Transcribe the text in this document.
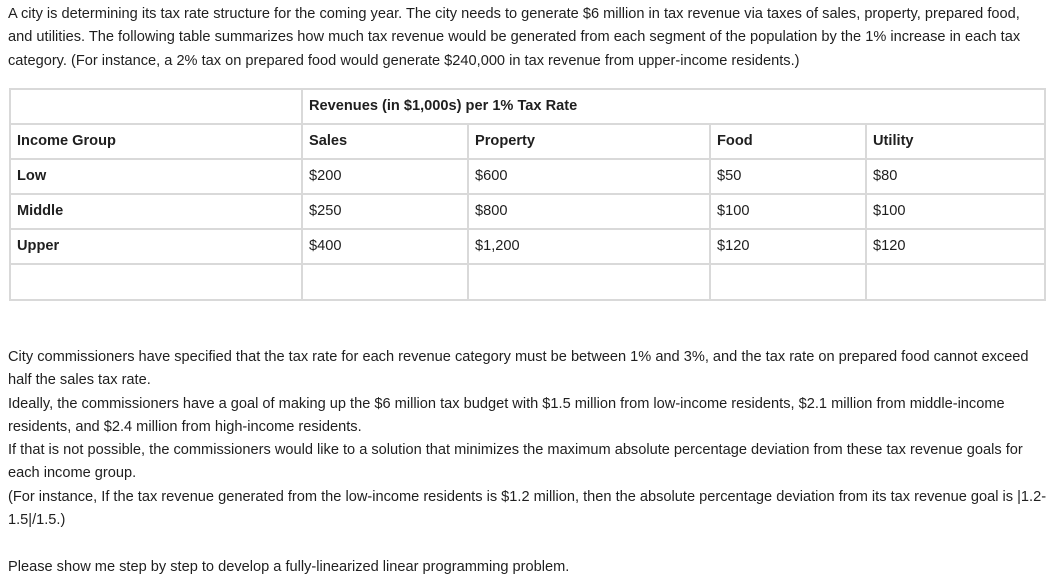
A city is determining its tax rate structure for the coming year. The city needs to generate $6 million in tax revenue via taxes of sales, property, prepared food, and utilities. The following table summarizes how much tax revenue would be generated from each segment of the population by the 1% increase in each tax category. (For instance, a 2% tax on prepared food would generate $240,000 in tax revenue from upper-income residents.)

	Revenues (in $1,000s) per 1% Tax Rate			
Income Group	Sales	Property	Food	Utility
Low	$200	$600	$50	$80
Middle	$250	$800	$100	$100
Upper	$400	$1,200	$120	$120

City commissioners have specified that the tax rate for each revenue category must be between 1% and 3%, and the tax rate on prepared food cannot exceed half the sales tax rate.

Ideally, the commissioners have a goal of making up the $6 million tax budget with $1.5 million from low-income residents, $2.1 million from middle-income residents, and $2.4 million from high-income residents.

If that is not possible, the commissioners would like to a solution that minimizes the maximum absolute percentage deviation from these tax revenue goals for each income group.

(For instance, If the tax revenue generated from the low-income residents is $1.2 million, then the absolute percentage deviation from its tax revenue goal is |1.2-1.5|/1.5.)

Please show me step by step to develop a fully-linearized linear programming problem.
